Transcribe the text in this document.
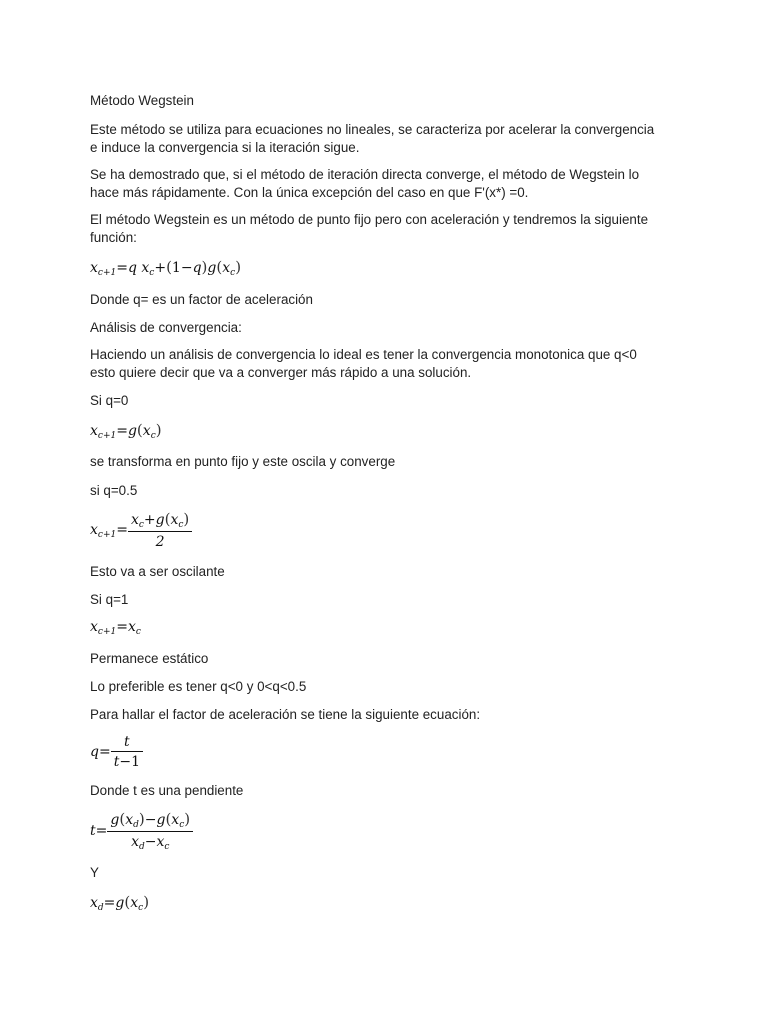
Método Wegstein

Este método se utiliza para ecuaciones no lineales, se caracteriza por acelerar la convergencia

e induce la convergencia si la iteración sigue.

Se ha demostrado que, si el método de iteración directa converge, el método de Wegstein lo

hace más rápidamente. Con la única excepción del caso en que F'(x*) =0.

El método Wegstein es un método de punto fijo pero con aceleración y tendremos la siguiente

función:

$x_{c+1}=q$ $x_c+(1-q)g(x_c)$

Donde q= es un factor de aceleración

Análisis de convergencia:

Haciendo un análisis de convergencia lo ideal es tener la convergencia monotonica que q<0

esto quiere decir que va a converger más rápido a una solución.

Si q=0

$x_{c+1}=g(x_c)$

se transforma en punto fijo y este oscila y converge

si q=0.5

$x_{c+1}= \frac{x_c+g(x_c)}{2}$

Esto va a ser oscilante

Si q=1

$x_{c+1}=x_c$

Permanece estático

Lo preferible es tener q<0 y 0<q<0.5

Para hallar el factor de aceleración se tiene la siguiente ecuación:

$q= \frac{t}{t-1}$

Donde t es una pendiente

$t= \frac{g(x_d)-g(x_c)}{x_d-x_c}$

Y

$x_d=g(x_c)$
